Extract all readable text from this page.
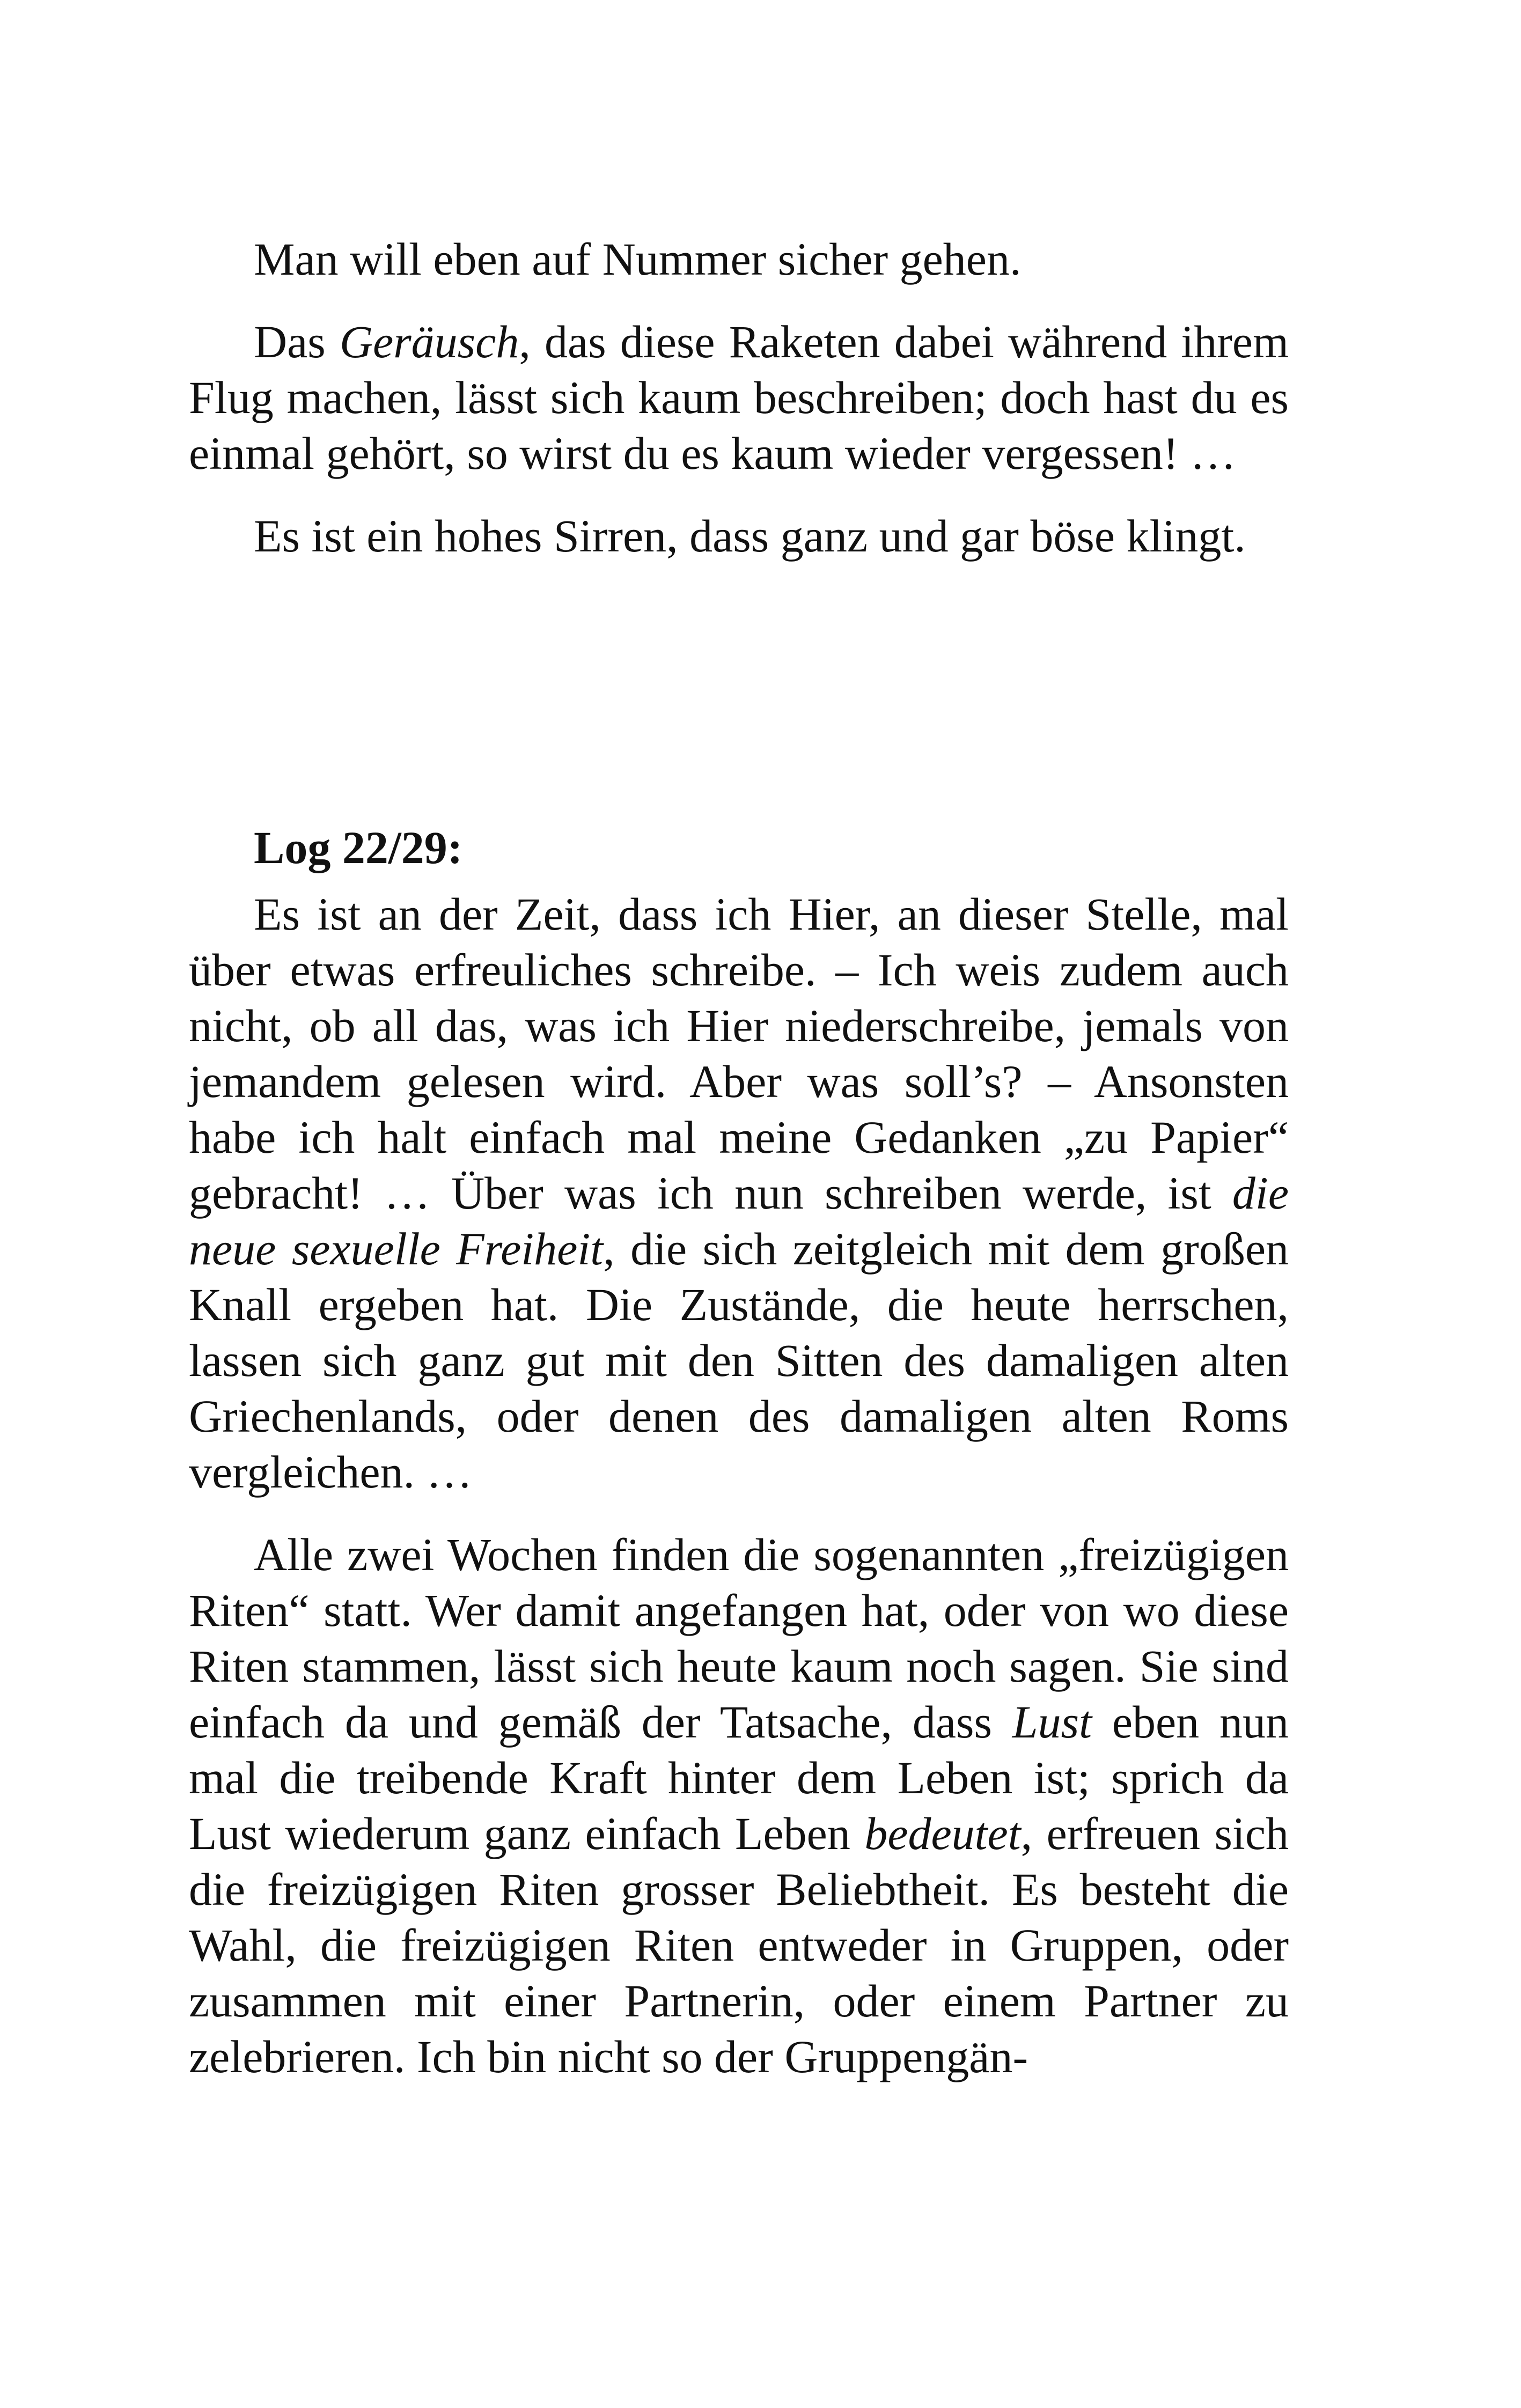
Man will eben auf Nummer sicher gehen.

Das Geräusch, das diese Raketen dabei während ihrem Flug machen, lässt sich kaum beschreiben; doch hast du es einmal gehört, so wirst du es kaum wieder vergessen! …

Es ist ein hohes Sirren, dass ganz und gar böse klingt.

Log 22/29:

Es ist an der Zeit, dass ich Hier, an dieser Stelle, mal über etwas erfreuliches schreibe. – Ich weis zudem auch nicht, ob all das, was ich Hier niederschreibe, jemals von jemandem gelesen wird. Aber was soll’s? – Ansonsten habe ich halt einfach mal meine Gedanken „zu Papier“ gebracht! … Über was ich nun schreiben werde, ist die neue sexuelle Freiheit, die sich zeitgleich mit dem großen Knall ergeben hat. Die Zustände, die heute herrschen, lassen sich ganz gut mit den Sitten des damaligen alten Griechenlands, oder denen des damaligen alten Roms vergleichen. …

Alle zwei Wochen finden die sogenannten „freizügigen Riten“ statt. Wer damit angefangen hat, oder von wo diese Riten stammen, lässt sich heute kaum noch sagen. Sie sind einfach da und gemäß der Tatsache, dass Lust eben nun mal die treibende Kraft hinter dem Leben ist; sprich da Lust wiederum ganz einfach Leben bedeutet, erfreuen sich die freizügigen Riten grosser Beliebtheit. Es besteht die Wahl, die freizügigen Riten entweder in Gruppen, oder zusammen mit einer Partnerin, oder einem Partner zu zelebrieren. Ich bin nicht so der Gruppengän-
